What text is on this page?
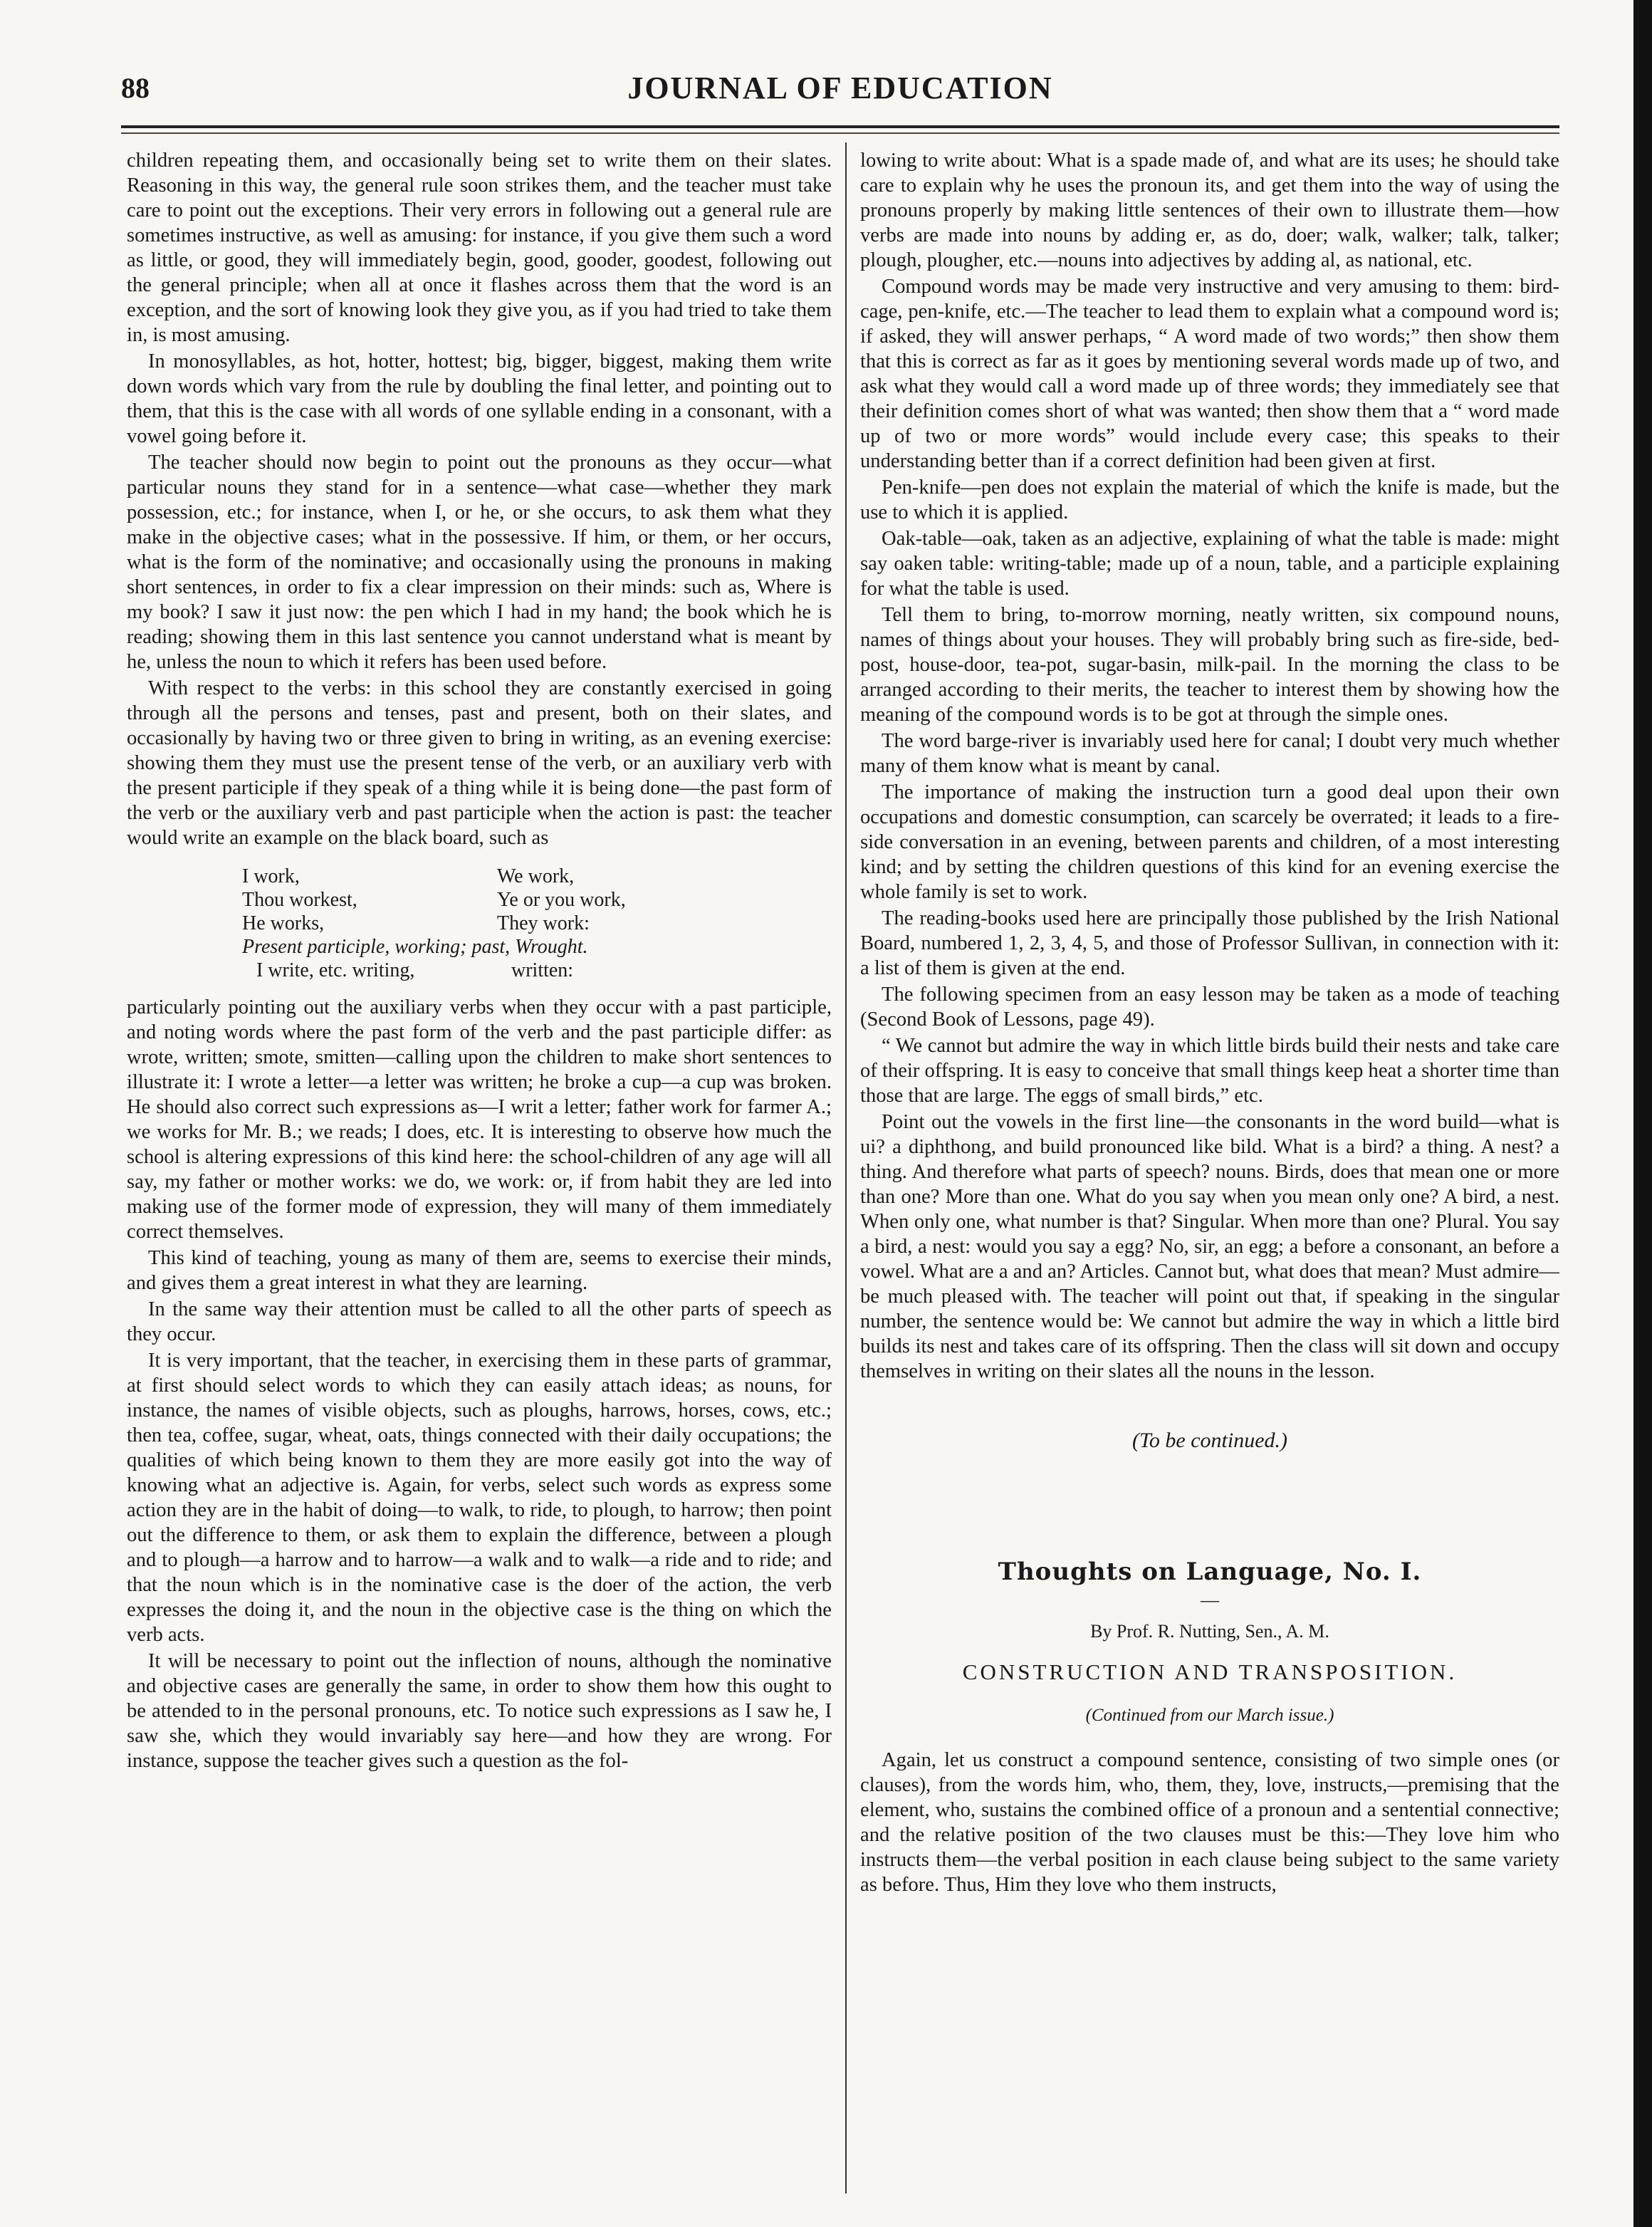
88	JOURNAL OF EDUCATION

children repeating them, and occasionally being set to write them on their slates. Reasoning in this way, the general rule soon strikes them, and the teacher must take care to point out the exceptions. Their very errors in following out a general rule are sometimes instructive, as well as amusing: for instance, if you give them such a word as little, or good, they will immediately begin, good, gooder, goodest, following out the general principle; when all at once it flashes across them that the word is an exception, and the sort of knowing look they give you, as if you had tried to take them in, is most amusing.

In monosyllables, as hot, hotter, hottest; big, bigger, biggest, making them write down words which vary from the rule by doubling the final letter, and pointing out to them, that this is the case with all words of one syllable ending in a consonant, with a vowel going before it.

The teacher should now begin to point out the pronouns as they occur—what particular nouns they stand for in a sentence—what case—whether they mark possession, etc.; for instance, when I, or he, or she occurs, to ask them what they make in the objective cases; what in the possessive. If him, or them, or her occurs, what is the form of the nominative; and occasionally using the pronouns in making short sentences, in order to fix a clear impression on their minds: such as, Where is my book? I saw it just now: the pen which I had in my hand; the book which he is reading; showing them in this last sentence you cannot understand what is meant by he, unless the noun to which it refers has been used before.

With respect to the verbs: in this school they are constantly exercised in going through all the persons and tenses, past and present, both on their slates, and occasionally by having two or three given to bring in writing, as an evening exercise: showing them they must use the present tense of the verb, or an auxiliary verb with the present participle if they speak of a thing while it is being done—the past form of the verb or the auxiliary verb and past participle when the action is past: the teacher would write an example on the black board, such as

I work,	We work,
Thou workest,	Ye or you work,
He works,	They work:
Present participle, working; past, Wrought.
I write, etc. writing,	written:

particularly pointing out the auxiliary verbs when they occur with a past participle, and noting words where the past form of the verb and the past participle differ: as wrote, written; smote, smitten—calling upon the children to make short sentences to illustrate it: I wrote a letter—a letter was written; he broke a cup—a cup was broken. He should also correct such expressions as—I writ a letter; father work for farmer A.; we works for Mr. B.; we reads; I does, etc. It is interesting to observe how much the school is altering expressions of this kind here: the school-children of any age will all say, my father or mother works: we do, we work: or, if from habit they are led into making use of the former mode of expression, they will many of them immediately correct themselves.

This kind of teaching, young as many of them are, seems to exercise their minds, and gives them a great interest in what they are learning.

In the same way their attention must be called to all the other parts of speech as they occur.

It is very important, that the teacher, in exercising them in these parts of grammar, at first should select words to which they can easily attach ideas; as nouns, for instance, the names of visible objects, such as ploughs, harrows, horses, cows, etc.; then tea, coffee, sugar, wheat, oats, things connected with their daily occupations; the qualities of which being known to them they are more easily got into the way of knowing what an adjective is. Again, for verbs, select such words as express some action they are in the habit of doing—to walk, to ride, to plough, to harrow; then point out the difference to them, or ask them to explain the difference, between a plough and to plough—a harrow and to harrow—a walk and to walk—a ride and to ride; and that the noun which is in the nominative case is the doer of the action, the verb expresses the doing it, and the noun in the objective case is the thing on which the verb acts.

It will be necessary to point out the inflection of nouns, although the nominative and objective cases are generally the same, in order to show them how this ought to be attended to in the personal pronouns, etc. To notice such expressions as I saw he, I saw she, which they would invariably say here—and how they are wrong. For instance, suppose the teacher gives such a question as the fol-

lowing to write about: What is a spade made of, and what are its uses; he should take care to explain why he uses the pronoun its, and get them into the way of using the pronouns properly by making little sentences of their own to illustrate them—how verbs are made into nouns by adding er, as do, doer; walk, walker; talk, talker; plough, plougher, etc.—nouns into adjectives by adding al, as national, etc.

Compound words may be made very instructive and very amusing to them: bird-cage, pen-knife, etc.—The teacher to lead them to explain what a compound word is; if asked, they will answer perhaps, “ A word made of two words;” then show them that this is correct as far as it goes by mentioning several words made up of two, and ask what they would call a word made up of three words; they immediately see that their definition comes short of what was wanted; then show them that a “ word made up of two or more words” would include every case; this speaks to their understanding better than if a correct definition had been given at first.

Pen-knife—pen does not explain the material of which the knife is made, but the use to which it is applied.

Oak-table—oak, taken as an adjective, explaining of what the table is made: might say oaken table: writing-table; made up of a noun, table, and a participle explaining for what the table is used.

Tell them to bring, to-morrow morning, neatly written, six compound nouns, names of things about your houses. They will probably bring such as fire-side, bed-post, house-door, tea-pot, sugar-basin, milk-pail. In the morning the class to be arranged according to their merits, the teacher to interest them by showing how the meaning of the compound words is to be got at through the simple ones.

The word barge-river is invariably used here for canal; I doubt very much whether many of them know what is meant by canal.

The importance of making the instruction turn a good deal upon their own occupations and domestic consumption, can scarcely be overrated; it leads to a fire-side conversation in an evening, between parents and children, of a most interesting kind; and by setting the children questions of this kind for an evening exercise the whole family is set to work.

The reading-books used here are principally those published by the Irish National Board, numbered 1, 2, 3, 4, 5, and those of Professor Sullivan, in connection with it: a list of them is given at the end.

The following specimen from an easy lesson may be taken as a mode of teaching (Second Book of Lessons, page 49).

“ We cannot but admire the way in which little birds build their nests and take care of their offspring. It is easy to conceive that small things keep heat a shorter time than those that are large. The eggs of small birds,” etc.

Point out the vowels in the first line—the consonants in the word build—what is ui? a diphthong, and build pronounced like bild. What is a bird? a thing. A nest? a thing. And therefore what parts of speech? nouns. Birds, does that mean one or more than one? More than one. What do you say when you mean only one? A bird, a nest. When only one, what number is that? Singular. When more than one? Plural. You say a bird, a nest: would you say a egg? No, sir, an egg; a before a consonant, an before a vowel. What are a and an? Articles. Cannot but, what does that mean? Must admire—be much pleased with. The teacher will point out that, if speaking in the singular number, the sentence would be: We cannot but admire the way in which a little bird builds its nest and takes care of its offspring. Then the class will sit down and occupy themselves in writing on their slates all the nouns in the lesson.

(To be continued.)

Thoughts on Language, No. I.

—

By Prof. R. Nutting, Sen., A. M.

CONSTRUCTION AND TRANSPOSITION.

(Continued from our March issue.)

Again, let us construct a compound sentence, consisting of two simple ones (or clauses), from the words him, who, them, they, love, instructs,—premising that the element, who, sustains the combined office of a pronoun and a sentential connective; and the relative position of the two clauses must be this:—They love him who instructs them—the verbal position in each clause being subject to the same variety as before. Thus, Him they love who them instructs,
